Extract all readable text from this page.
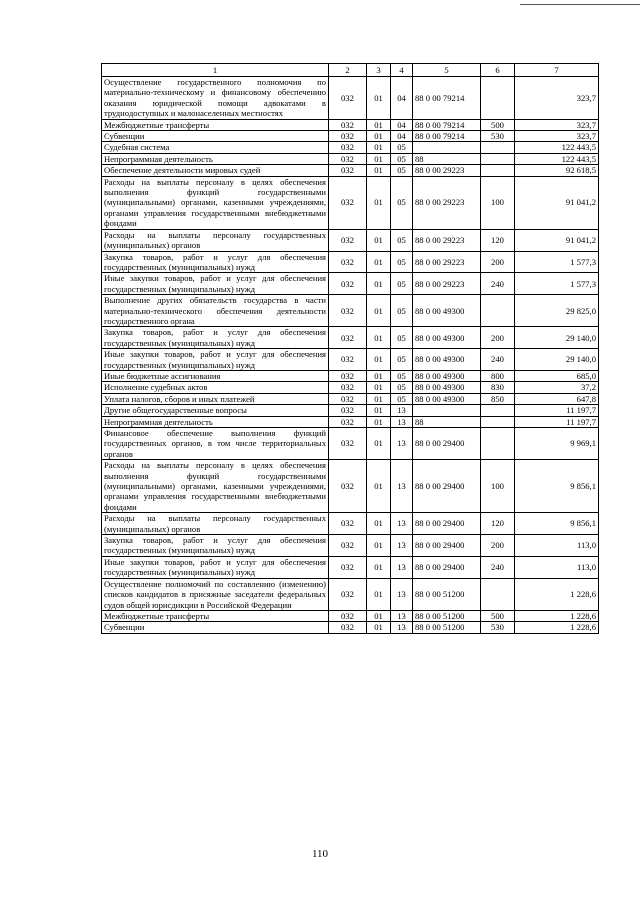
1	2	3	4	5	6	7
Осуществление государственного полномочия по материально-техническому и финансовому обеспечению оказания юридической помощи адвокатами в труднодоступных и малонаселенных местностях	032	01	04	88 0 00 79214		323,7
Межбюджетные трансферты	032	01	04	88 0 00 79214	500	323,7
Субвенции	032	01	04	88 0 00 79214	530	323,7
Судебная система	032	01	05			122 443,5
Непрограммная деятельность	032	01	05	88		122 443,5
Обеспечение деятельности мировых судей	032	01	05	88 0 00 29223		92 618,5
Расходы на выплаты персоналу в целях обеспечения выполнения функций государственными (муниципальными) органами, казенными учреждениями, органами управления государственными внебюджетными фондами	032	01	05	88 0 00 29223	100	91 041,2
Расходы на выплаты персоналу государственных (муниципальных) органов	032	01	05	88 0 00 29223	120	91 041,2
Закупка товаров, работ и услуг для обеспечения государственных (муниципальных) нужд	032	01	05	88 0 00 29223	200	1 577,3
Иные закупки товаров, работ и услуг для обеспечения государственных (муниципальных) нужд	032	01	05	88 0 00 29223	240	1 577,3
Выполнение других обязательств государства в части материально-технического обеспечения деятельности государственного органа	032	01	05	88 0 00 49300		29 825,0
Закупка товаров, работ и услуг для обеспечения государственных (муниципальных) нужд	032	01	05	88 0 00 49300	200	29 140,0
Иные закупки товаров, работ и услуг для обеспечения государственных (муниципальных) нужд	032	01	05	88 0 00 49300	240	29 140,0
Иные бюджетные ассигнования	032	01	05	88 0 00 49300	800	685,0
Исполнение судебных актов	032	01	05	88 0 00 49300	830	37,2
Уплата налогов, сборов и иных платежей	032	01	05	88 0 00 49300	850	647,8
Другие общегосударственные вопросы	032	01	13			11 197,7
Непрограммная деятельность	032	01	13	88		11 197,7
Финансовое обеспечение выполнения функций государственных органов, в том числе территориальных органов	032	01	13	88 0 00 29400		9 969,1
Расходы на выплаты персоналу в целях обеспечения выполнения функций государственными (муниципальными) органами, казенными учреждениями, органами управления государственными внебюджетными фондами	032	01	13	88 0 00 29400	100	9 856,1
Расходы на выплаты персоналу государственных (муниципальных) органов	032	01	13	88 0 00 29400	120	9 856,1
Закупка товаров, работ и услуг для обеспечения государственных (муниципальных) нужд	032	01	13	88 0 00 29400	200	113,0
Иные закупки товаров, работ и услуг для обеспечения государственных (муниципальных) нужд	032	01	13	88 0 00 29400	240	113,0
Осуществление полномочий по составлению (изменению) списков кандидатов в присяжные заседатели федеральных судов общей юрисдикции в Российской Федерации	032	01	13	88 0 00 51200		1 228,6
Межбюджетные трансферты	032	01	13	88 0 00 51200	500	1 228,6
Субвенции	032	01	13	88 0 00 51200	530	1 228,6
110
